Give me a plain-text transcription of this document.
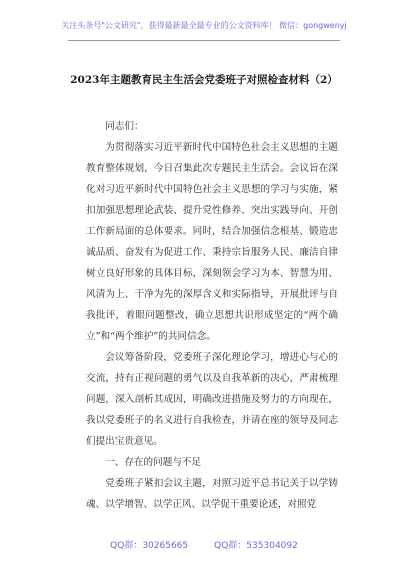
关注头条号"公文研究"，获得最新最全最专业的公文资料库！ 微信：gongwenyj
2023年主题教育民主生活会党委班子对照检查材料（2）

同志们：

为贯彻落实习近平新时代中国特色社会主义思想的主题教育整体规划，今日召集此次专题民主生活会。会议旨在深化对习近平新时代中国特色社会主义思想的学习与实施，紧扣加强思想理论武装、提升党性修养、突出实践导向、开创工作新局面的总体要求。同时，结合加强信念根基、锻造忠诚品质、奋发有为促进工作、秉持宗旨服务人民、廉洁自律树立良好形象的具体目标，深刻领会学习为本、智慧为用、风清为上、干净为先的深厚含义和实际指导，开展批评与自我批评，着眼问题整改，确立思想共识形成坚定的“两个确立”和“两个维护”的共同信念。

会议筹备阶段，党委班子深化理论学习，增进心与心的交流，持有正视问题的勇气以及自我革新的决心，严肃梳理问题，深入剖析其成因，明确改进措施及努力的方向现在，我以党委班子的名义进行自我检查，并请在座的领导及同志们提出宝贵意见。

一、存在的问题与不足

党委班子紧扣会议主题，对照习近平总书记关于以学铸魂、以学增智、以学正风、以学促干重要论述，对照党

QQ群：30265665	QQ群：535304092
